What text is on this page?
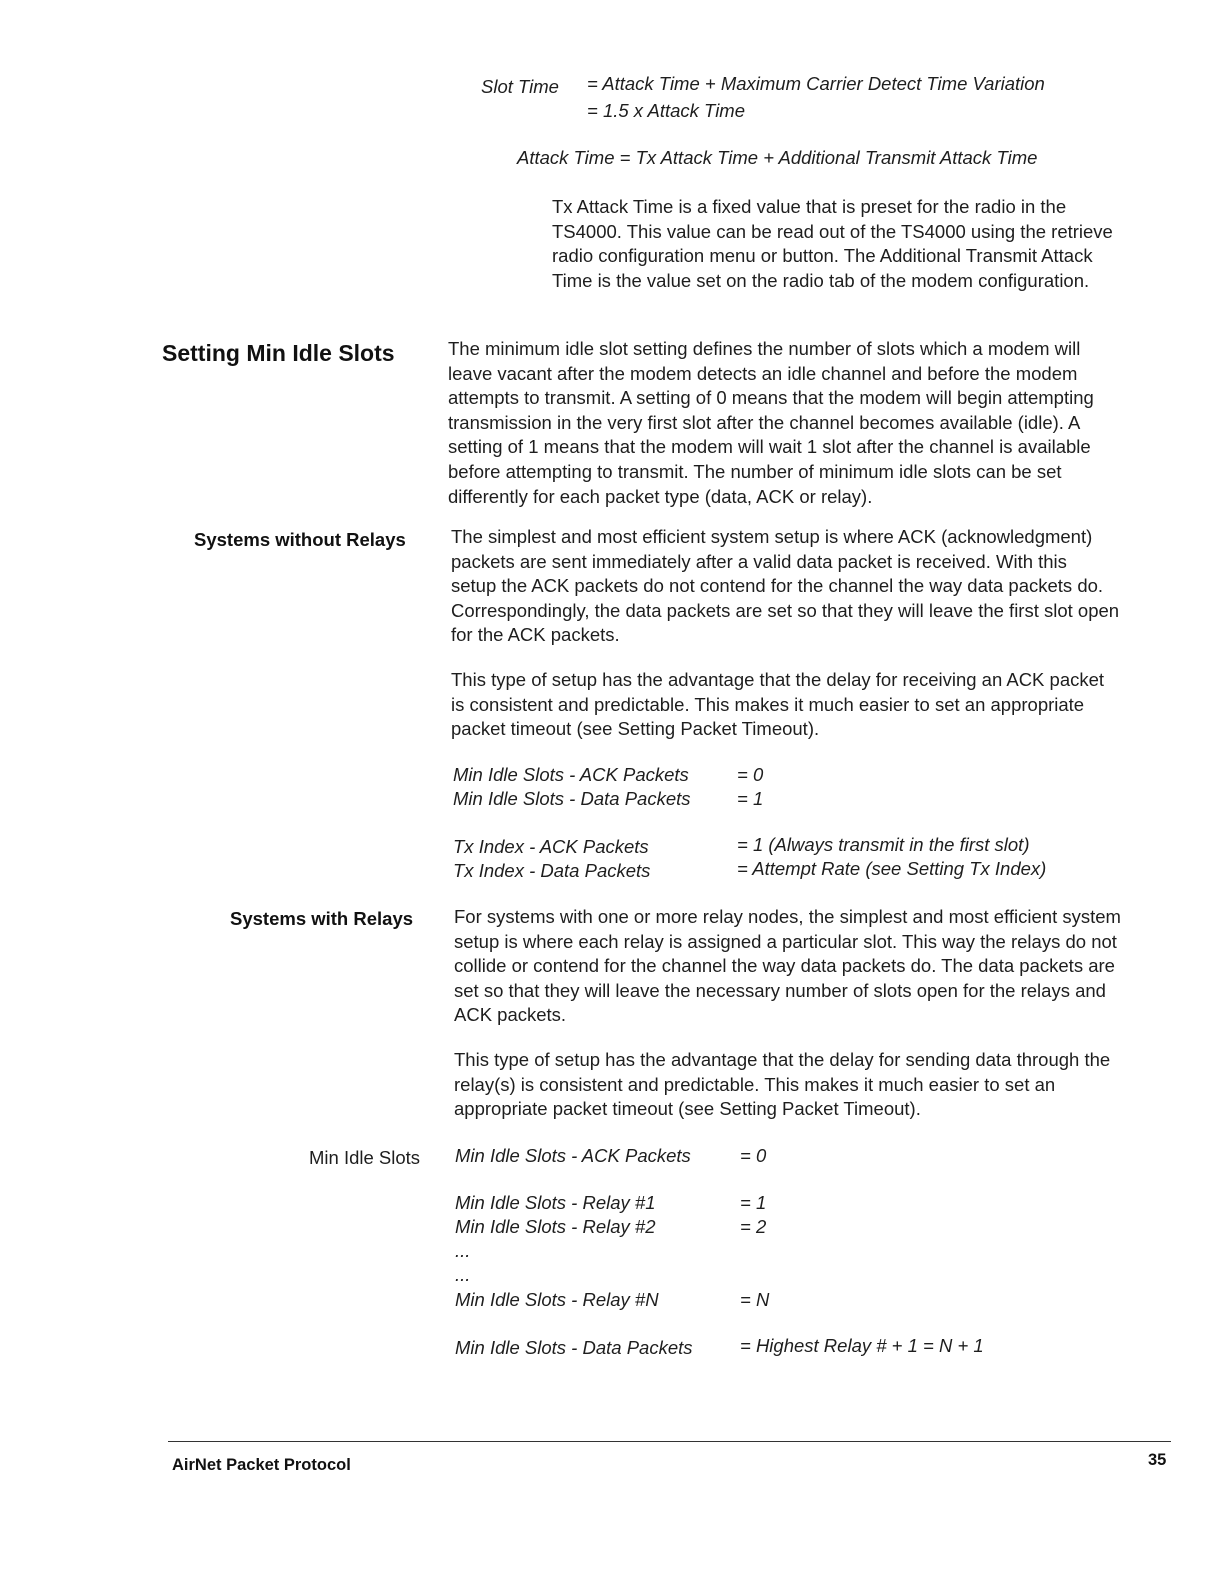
Slot Time = Attack Time + Maximum Carrier Detect Time Variation
= 1.5 x Attack Time
Attack Time = Tx Attack Time + Additional Transmit Attack Time
Tx Attack Time is a fixed value that is preset for the radio in the
TS4000. This value can be read out of the TS4000 using the retrieve
radio configuration menu or button. The Additional Transmit Attack
Time is the value set on the radio tab of the modem configuration.
Setting Min Idle Slots	The minimum idle slot setting defines the number of slots which a modem will
leave vacant after the modem detects an idle channel and before the modem
attempts to transmit. A setting of 0 means that the modem will begin attempting
transmission in the very first slot after the channel becomes available (idle). A
setting of 1 means that the modem will wait 1 slot after the channel is available
before attempting to transmit. The number of minimum idle slots can be set
differently for each packet type (data, ACK or relay).
Systems without Relays The simplest and most efficient system setup is where ACK (acknowledgment)
packets are sent immediately after a valid data packet is received. With this
setup the ACK packets do not contend for the channel the way data packets do.
Correspondingly, the data packets are set so that they will leave the first slot open
for the ACK packets.
This type of setup has the advantage that the delay for receiving an ACK packet
is consistent and predictable. This makes it much easier to set an appropriate
packet timeout (see Setting Packet Timeout).
Min Idle Slots - ACK Packets	= 0
Min Idle Slots - Data Packets	= 1
Tx Index - ACK Packets	= 1 (Always transmit in the first slot)
Tx Index - Data Packets	= Attempt Rate (see Setting Tx Index)
Systems with Relays For systems with one or more relay nodes, the simplest and most efficient system
setup is where each relay is assigned a particular slot. This way the relays do not
collide or contend for the channel the way data packets do. The data packets are
set so that they will leave the necessary number of slots open for the relays and
ACK packets.
This type of setup has the advantage that the delay for sending data through the
relay(s) is consistent and predictable. This makes it much easier to set an
appropriate packet timeout (see Setting Packet Timeout).
Min Idle Slots Min Idle Slots - ACK Packets	= 0
Min Idle Slots - Relay #1	= 1
Min Idle Slots - Relay #2	= 2
...
...
Min Idle Slots - Relay #N	= N
Min Idle Slots - Data Packets	= Highest Relay # + 1 = N + 1
AirNet Packet Protocol	35
